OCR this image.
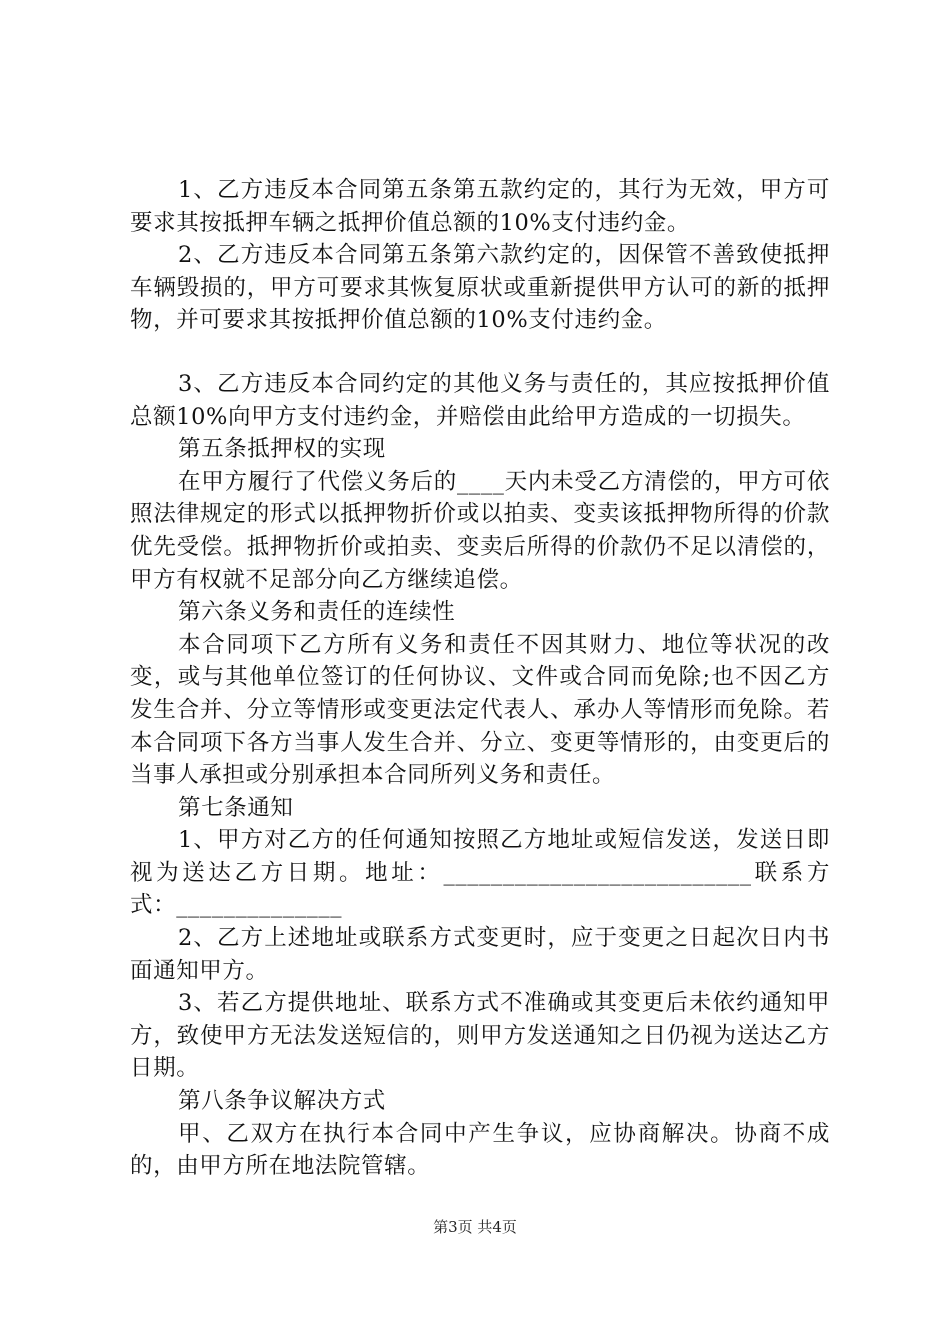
1、乙方违反本合同第五条第五款约定的，其行为无效，甲方可要求其按抵押车辆之抵押价值总额的10%支付违约金。

2、乙方违反本合同第五条第六款约定的，因保管不善致使抵押车辆毁损的，甲方可要求其恢复原状或重新提供甲方认可的新的抵押物，并可要求其按抵押价值总额的10%支付违约金。

3、乙方违反本合同约定的其他义务与责任的，其应按抵押价值总额10%向甲方支付违约金，并赔偿由此给甲方造成的一切损失。

第五条抵押权的实现

在甲方履行了代偿义务后的____天内未受乙方清偿的，甲方可依照法律规定的形式以抵押物折价或以拍卖、变卖该抵押物所得的价款优先受偿。抵押物折价或拍卖、变卖后所得的价款仍不足以清偿的，甲方有权就不足部分向乙方继续追偿。

第六条义务和责任的连续性

本合同项下乙方所有义务和责任不因其财力、地位等状况的改变，或与其他单位签订的任何协议、文件或合同而免除;也不因乙方发生合并、分立等情形或变更法定代表人、承办人等情形而免除。若本合同项下各方当事人发生合并、分立、变更等情形的，由变更后的当事人承担或分别承担本合同所列义务和责任。

第七条通知

1、甲方对乙方的任何通知按照乙方地址或短信发送，发送日即视为送达乙方日期。地址：__________________________联系方式：______________

2、乙方上述地址或联系方式变更时，应于变更之日起次日内书面通知甲方。

3、若乙方提供地址、联系方式不准确或其变更后未依约通知甲方，致使甲方无法发送短信的，则甲方发送通知之日仍视为送达乙方日期。

第八条争议解决方式

甲、乙双方在执行本合同中产生争议，应协商解决。协商不成的，由甲方所在地法院管辖。

第3页 共4页
